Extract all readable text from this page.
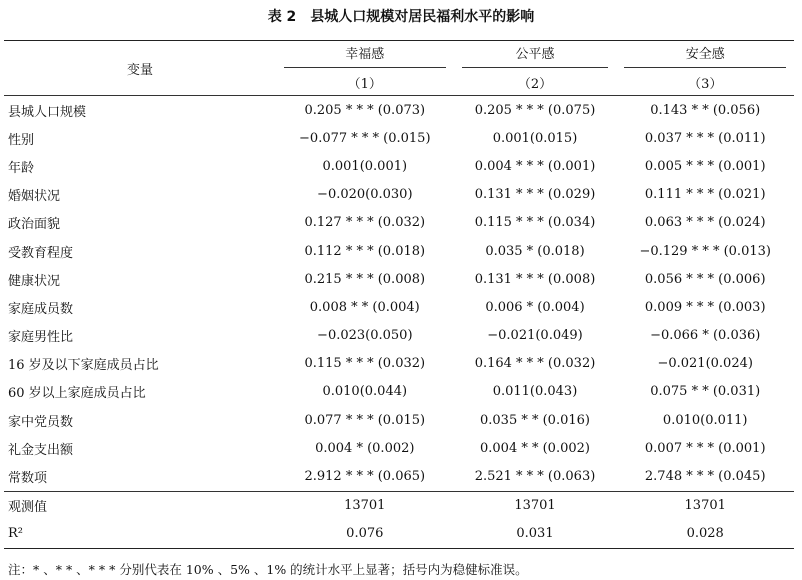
表 2 县城人口规模对居民福利水平的影响
变量	幸福感	公平感	安全感

	（1）	（2）	（3）

县城人口规模	0.205 * * * (0.073)	0.205 * * * (0.075)	0.143 * * (0.056)
性别	−0.077 * * * (0.015)	0.001(0.015)	0.037 * * * (0.011)
年龄	0.001(0.001)	0.004 * * * (0.001)	0.005 * * * (0.001)
婚姻状况	−0.020(0.030)	0.131 * * * (0.029)	0.111 * * * (0.021)
政治面貌	0.127 * * * (0.032)	0.115 * * * (0.034)	0.063 * * * (0.024)
受教育程度	0.112 * * * (0.018)	0.035 * (0.018)	−0.129 * * * (0.013)
健康状况	0.215 * * * (0.008)	0.131 * * * (0.008)	0.056 * * * (0.006)
家庭成员数	0.008 * * (0.004)	0.006 * (0.004)	0.009 * * * (0.003)
家庭男性比	−0.023(0.050)	−0.021(0.049)	−0.066 * (0.036)
16 岁及以下家庭成员占比	0.115 * * * (0.032)	0.164 * * * (0.032)	−0.021(0.024)
60 岁以上家庭成员占比	0.010(0.044)	0.011(0.043)	0.075 * * (0.031)
家中党员数	0.077 * * * (0.015)	0.035 * * (0.016)	0.010(0.011)
礼金支出额	0.004 * (0.002)	0.004 * * (0.002)	0.007 * * * (0.001)
常数项	2.912 * * * (0.065)	2.521 * * * (0.063)	2.748 * * * (0.045)
观测值	13701	13701	13701
R²	0.076	0.031	0.028
注：* 、* * 、* * * 分别代表在 10% 、5% 、1% 的统计水平上显著；括号内为稳健标准误。
